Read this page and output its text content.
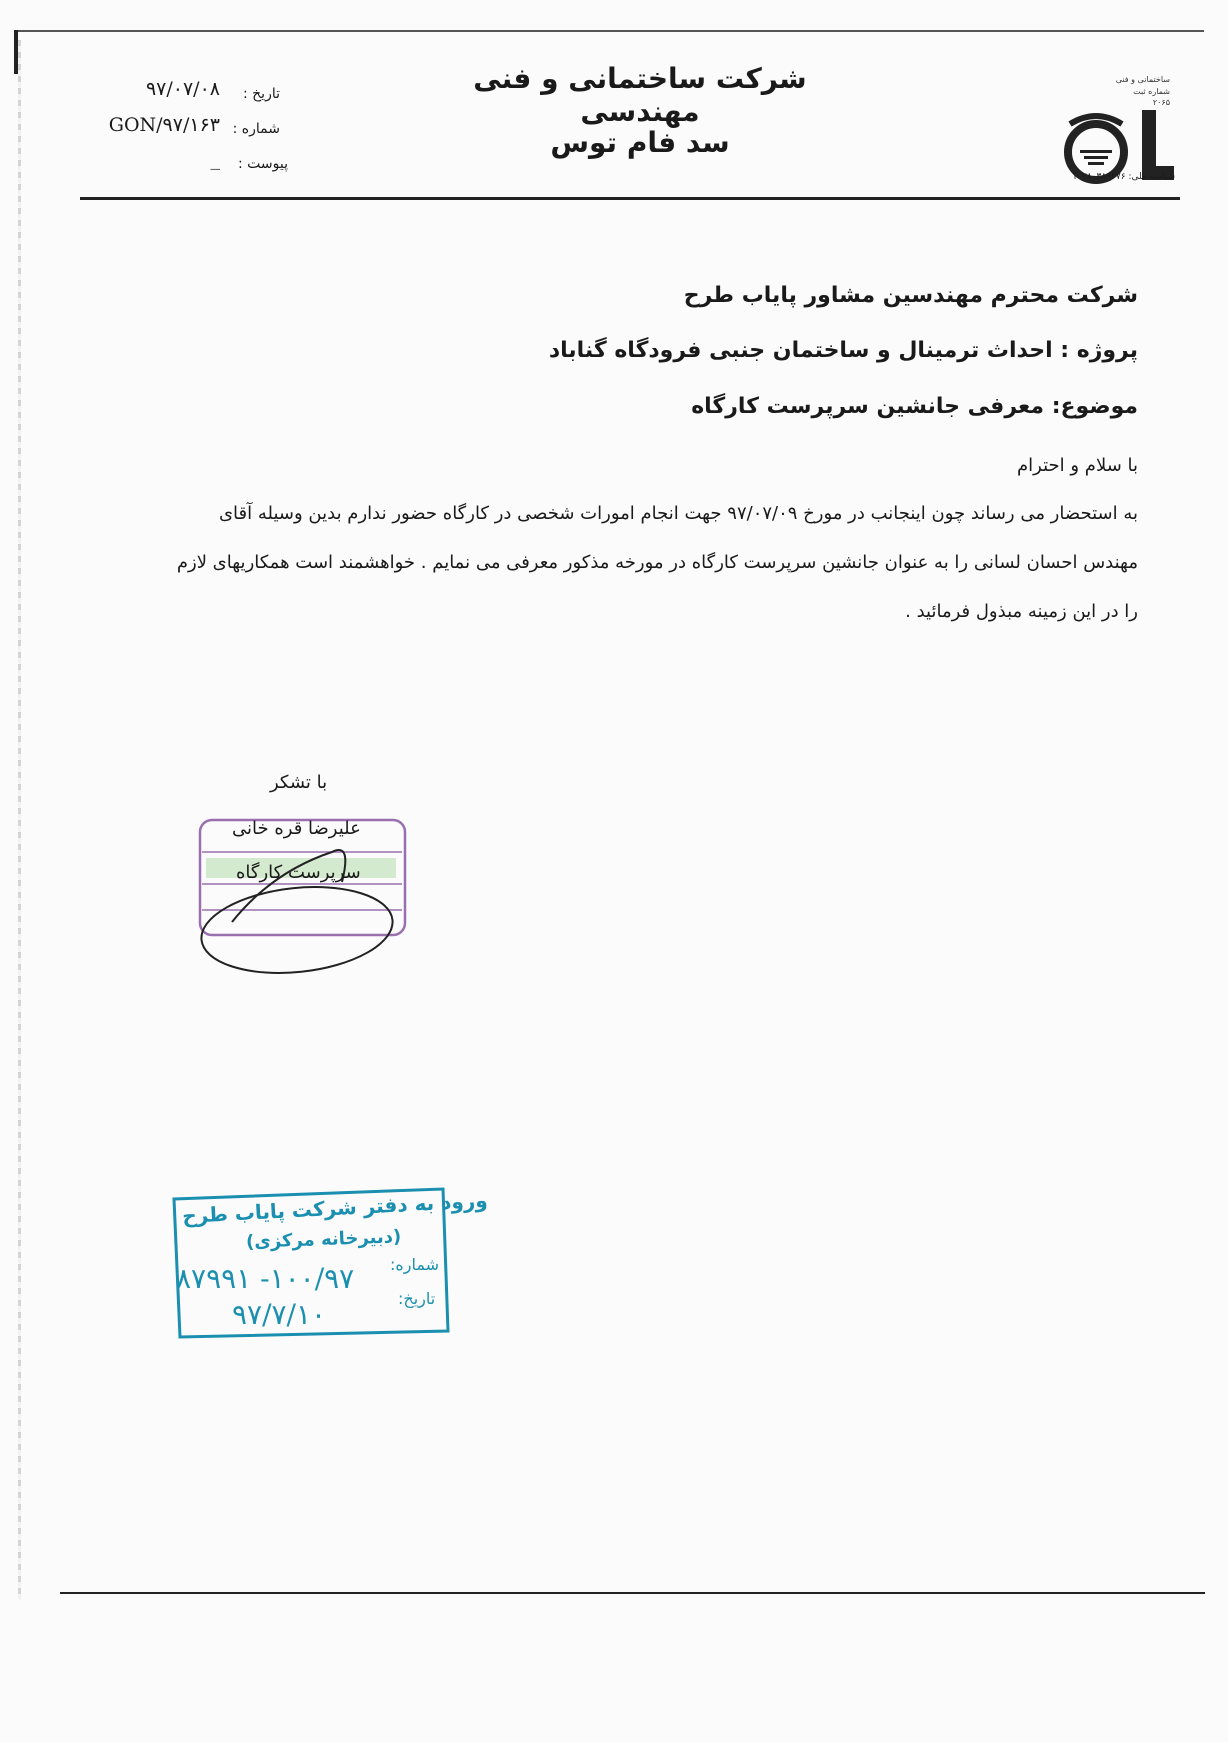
ساختمانی و فنی
شماره ثبت
۲۰۶۵
شناسه ملی: ۱۰۲۸۰۳۸۹۲۷۶
شرکت ساختمانی و فنی مهندسی
سد فام توس
تاریخ :
۹۷/۰۷/۰۸
شماره :
GON/۹۷/۱۶۳
پیوست :
_
شرکت محترم مهندسین مشاور پایاب طرح
پروژه : احداث ترمینال و ساختمان جنبی فرودگاه گناباد
موضوع: معرفی جانشین سرپرست کارگاه
با سلام و احترام
به استحضار می رساند چون اینجانب در مورخ ۹۷/۰۷/۰۹ جهت انجام امورات شخصی در کارگاه حضور ندارم بدین وسیله آقای
مهندس احسان لسانی را به عنوان جانشین سرپرست کارگاه در مورخه مذکور معرفی می نمایم . خواهشمند است همکاریهای لازم
را در این زمینه مبذول فرمائید .
با تشکر
علیرضا قره خانی
سرپرست کارگاه
ورود به دفتر شرکت پایاب طرح
(دبیرخانه مرکزی)
شماره:
۱۰۰/۹۷- ۸۷۹۹۱
تاریخ:
۹۷/۷/۱۰
